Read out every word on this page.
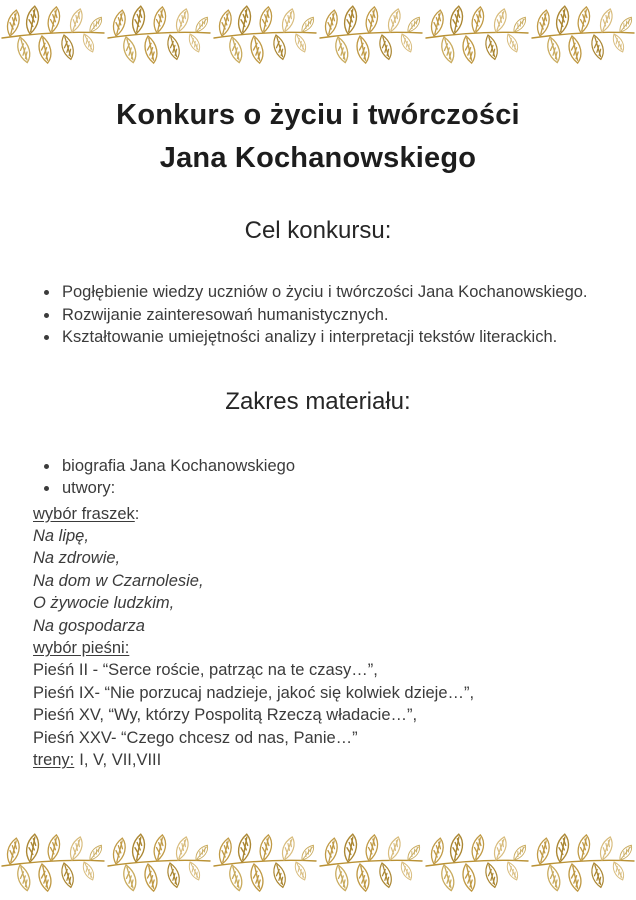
Konkurs o życiu i twórczości
Jana Kochanowskiego
Cel konkursu:
• Pogłębienie wiedzy uczniów o życiu i twórczości Jana Kochanowskiego.
• Rozwijanie zainteresowań humanistycznych.
• Kształtowanie umiejętności analizy i interpretacji tekstów literackich.
Zakres materiału:
• biografia Jana Kochanowskiego
• utwory:

wybór fraszek:

Na lipę,

Na zdrowie,

Na dom w Czarnolesie,

O żywocie ludzkim,

Na gospodarza

wybór pieśni:

Pieśń II - “Serce roście, patrząc na te czasy…”,

Pieśń IX- “Nie porzucaj nadzieje, jakoć się kolwiek dzieje…”,

Pieśń XV, “Wy, którzy Pospolitą Rzeczą władacie…”,

Pieśń XXV- “Czego chcesz od nas, Panie…”

treny: I, V, VII,VIII
